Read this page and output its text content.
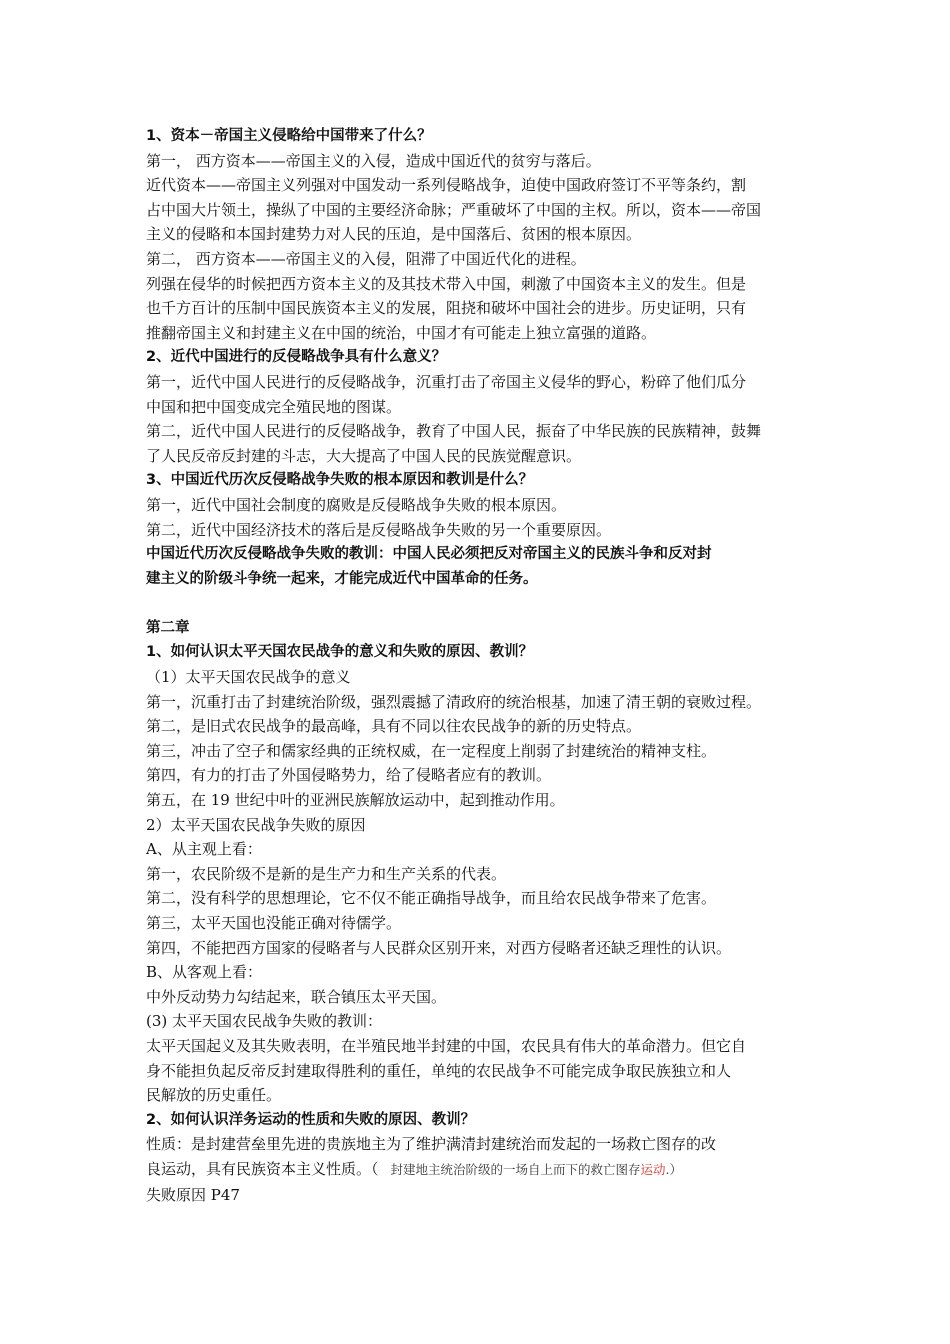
1、资本－帝国主义侵略给中国带来了什么？
第一， 西方资本——帝国主义的入侵，造成中国近代的贫穷与落后。
近代资本——帝国主义列强对中国发动一系列侵略战争，迫使中国政府签订不平等条约，割
占中国大片领土，操纵了中国的主要经济命脉；严重破坏了中国的主权。所以，资本——帝国
主义的侵略和本国封建势力对人民的压迫，是中国落后、贫困的根本原因。
第二， 西方资本——帝国主义的入侵，阻滞了中国近代化的进程。
列强在侵华的时候把西方资本主义的及其技术带入中国，刺激了中国资本主义的发生。但是
也千方百计的压制中国民族资本主义的发展，阻挠和破坏中国社会的进步。历史证明，只有
推翻帝国主义和封建主义在中国的统治，中国才有可能走上独立富强的道路。
2、近代中国进行的反侵略战争具有什么意义？
第一，近代中国人民进行的反侵略战争，沉重打击了帝国主义侵华的野心，粉碎了他们瓜分
中国和把中国变成完全殖民地的图谋。
第二，近代中国人民进行的反侵略战争，教育了中国人民，振奋了中华民族的民族精神，鼓舞
了人民反帝反封建的斗志，大大提高了中国人民的民族觉醒意识。
3、中国近代历次反侵略战争失败的根本原因和教训是什么？
第一，近代中国社会制度的腐败是反侵略战争失败的根本原因。
第二，近代中国经济技术的落后是反侵略战争失败的另一个重要原因。
中国近代历次反侵略战争失败的教训：中国人民必须把反对帝国主义的民族斗争和反对封
建主义的阶级斗争统一起来，才能完成近代中国革命的任务。
第二章
1、如何认识太平天国农民战争的意义和失败的原因、教训？
（1）太平天国农民战争的意义
第一，沉重打击了封建统治阶级，强烈震撼了清政府的统治根基，加速了清王朝的衰败过程。
第二，是旧式农民战争的最高峰，具有不同以往农民战争的新的历史特点。
第三，冲击了空子和儒家经典的正统权威，在一定程度上削弱了封建统治的精神支柱。
第四，有力的打击了外国侵略势力，给了侵略者应有的教训。
第五，在 19 世纪中叶的亚洲民族解放运动中，起到推动作用。
2）太平天国农民战争失败的原因
A、从主观上看：
第一，农民阶级不是新的是生产力和生产关系的代表。
第二，没有科学的思想理论，它不仅不能正确指导战争，而且给农民战争带来了危害。
第三，太平天国也没能正确对待儒学。
第四，不能把西方国家的侵略者与人民群众区别开来，对西方侵略者还缺乏理性的认识。
B、从客观上看：
中外反动势力勾结起来，联合镇压太平天国。
(3) 太平天国农民战争失败的教训：
太平天国起义及其失败表明，在半殖民地半封建的中国，农民具有伟大的革命潜力。但它自
身不能担负起反帝反封建取得胜利的重任，单纯的农民战争不可能完成争取民族独立和人
民解放的历史重任。
2、如何认识洋务运动的性质和失败的原因、教训？
性质：是封建营垒里先进的贵族地主为了维护满清封建统治而发起的一场救亡图存的改
良运动，具有民族资本主义性质。（ 封建地主统治阶级的一场自上而下的救亡图存运动.）
失败原因 P47
